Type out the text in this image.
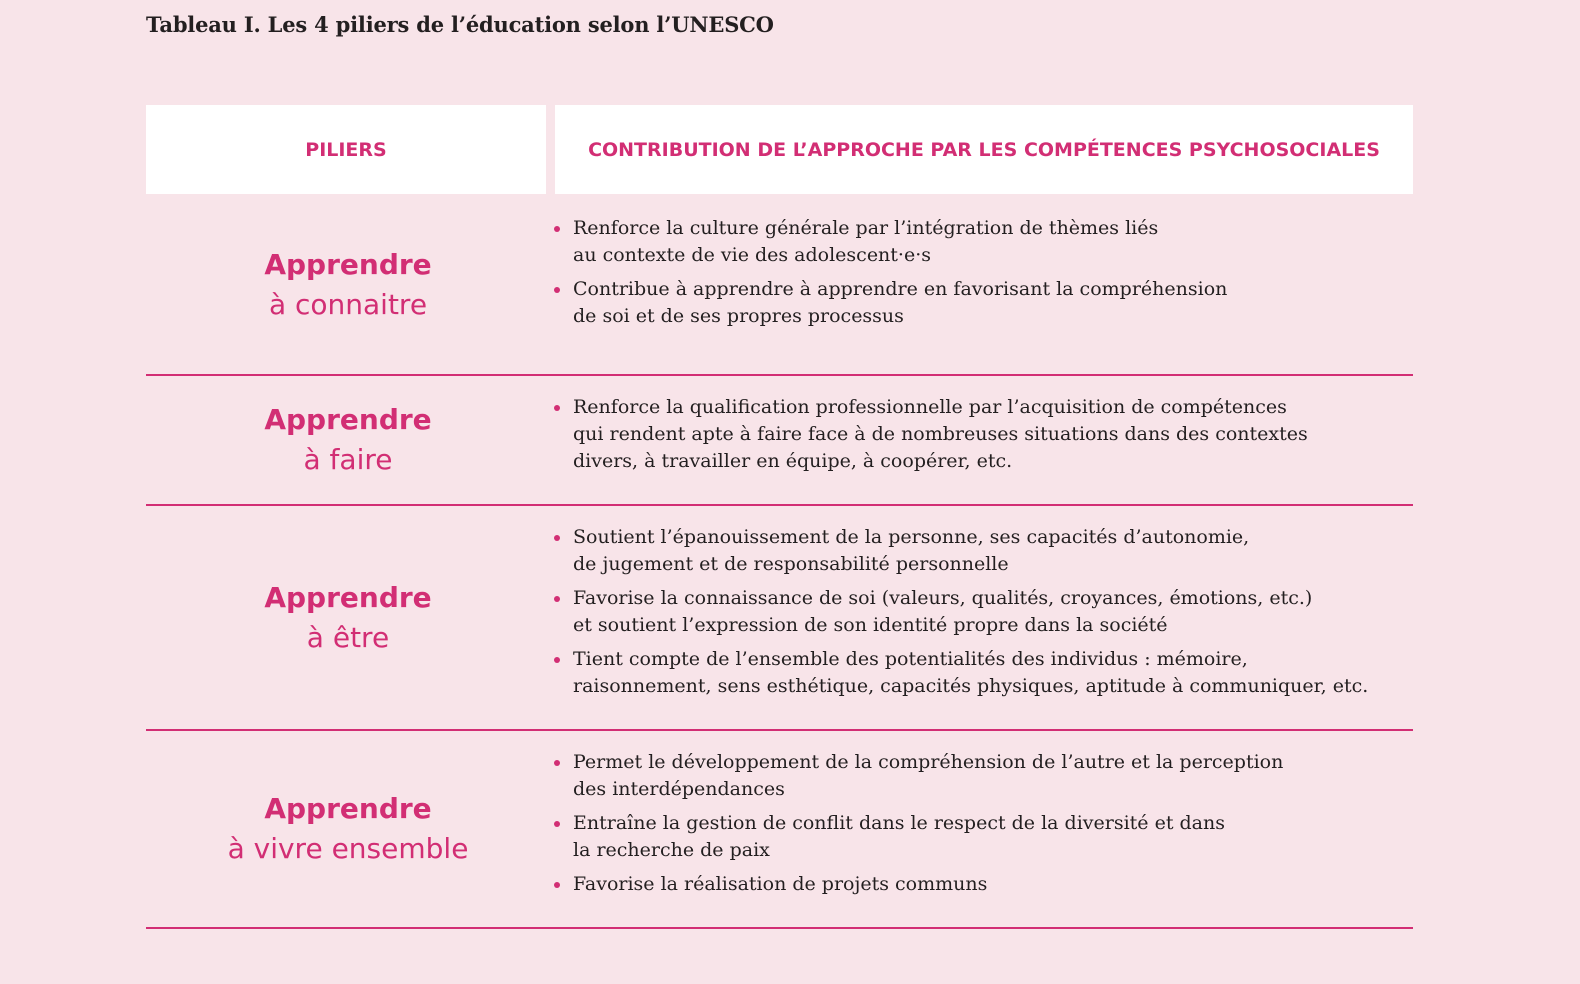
Tableau I. Les 4 piliers de l’éducation selon l’UNESCO
PILIERS	CONTRIBUTION DE L’APPROCHE PAR LES COMPÉTENCES PSYCHOSOCIALES
Apprendre
à connaitre
Renforce la culture générale par l’intégration de thèmes liés
au contexte de vie des adolescent·e·s
Contribue à apprendre à apprendre en favorisant la compréhension
de soi et de ses propres processus
Apprendre
à faire
Renforce la qualification professionnelle par l’acquisition de compétences
qui rendent apte à faire face à de nombreuses situations dans des contextes
divers, à travailler en équipe, à coopérer, etc.
Apprendre
à être
Soutient l’épanouissement de la personne, ses capacités d’autonomie,
de jugement et de responsabilité personnelle
Favorise la connaissance de soi (valeurs, qualités, croyances, émotions, etc.)
et soutient l’expression de son identité propre dans la société
Tient compte de l’ensemble des potentialités des individus : mémoire,
raisonnement, sens esthétique, capacités physiques, aptitude à communiquer, etc.
Apprendre
à vivre ensemble
Permet le développement de la compréhension de l’autre et la perception
des interdépendances
Entraîne la gestion de conflit dans le respect de la diversité et dans
la recherche de paix
Favorise la réalisation de projets communs
